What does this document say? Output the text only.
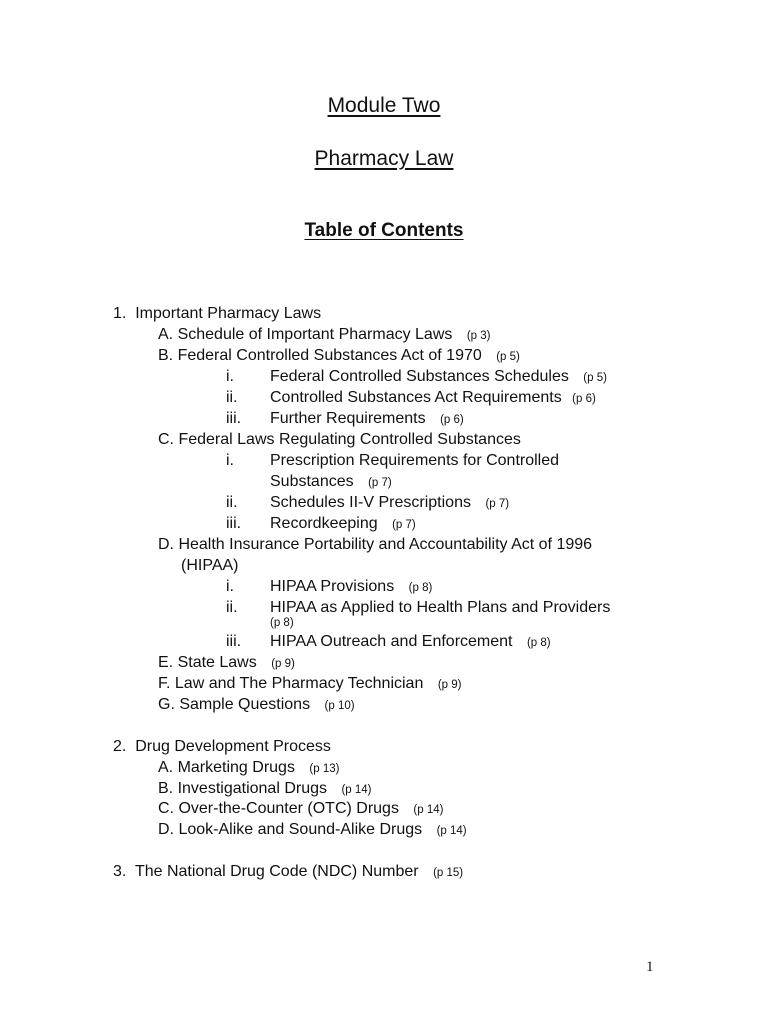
Module Two
Pharmacy Law
Table of Contents
1. Important Pharmacy Laws
A. Schedule of Important Pharmacy Laws (p 3)
B. Federal Controlled Substances Act of 1970 (p 5)
i. Federal Controlled Substances Schedules (p 5)
ii. Controlled Substances Act Requirements (p 6)
iii. Further Requirements (p 6)
C. Federal Laws Regulating Controlled Substances
i. Prescription Requirements for Controlled
Substances (p 7)
ii. Schedules II-V Prescriptions (p 7)
iii. Recordkeeping (p 7)
D. Health Insurance Portability and Accountability Act of 1996
(HIPAA)
i. HIPAA Provisions (p 8)
ii. HIPAA as Applied to Health Plans and Providers
(p 8)
iii. HIPAA Outreach and Enforcement (p 8)
E. State Laws (p 9)
F. Law and The Pharmacy Technician (p 9)
G. Sample Questions (p 10)
2. Drug Development Process
A. Marketing Drugs (p 13)
B. Investigational Drugs (p 14)
C. Over-the-Counter (OTC) Drugs (p 14)
D. Look-Alike and Sound-Alike Drugs (p 14)
3. The National Drug Code (NDC) Number (p 15)
1
